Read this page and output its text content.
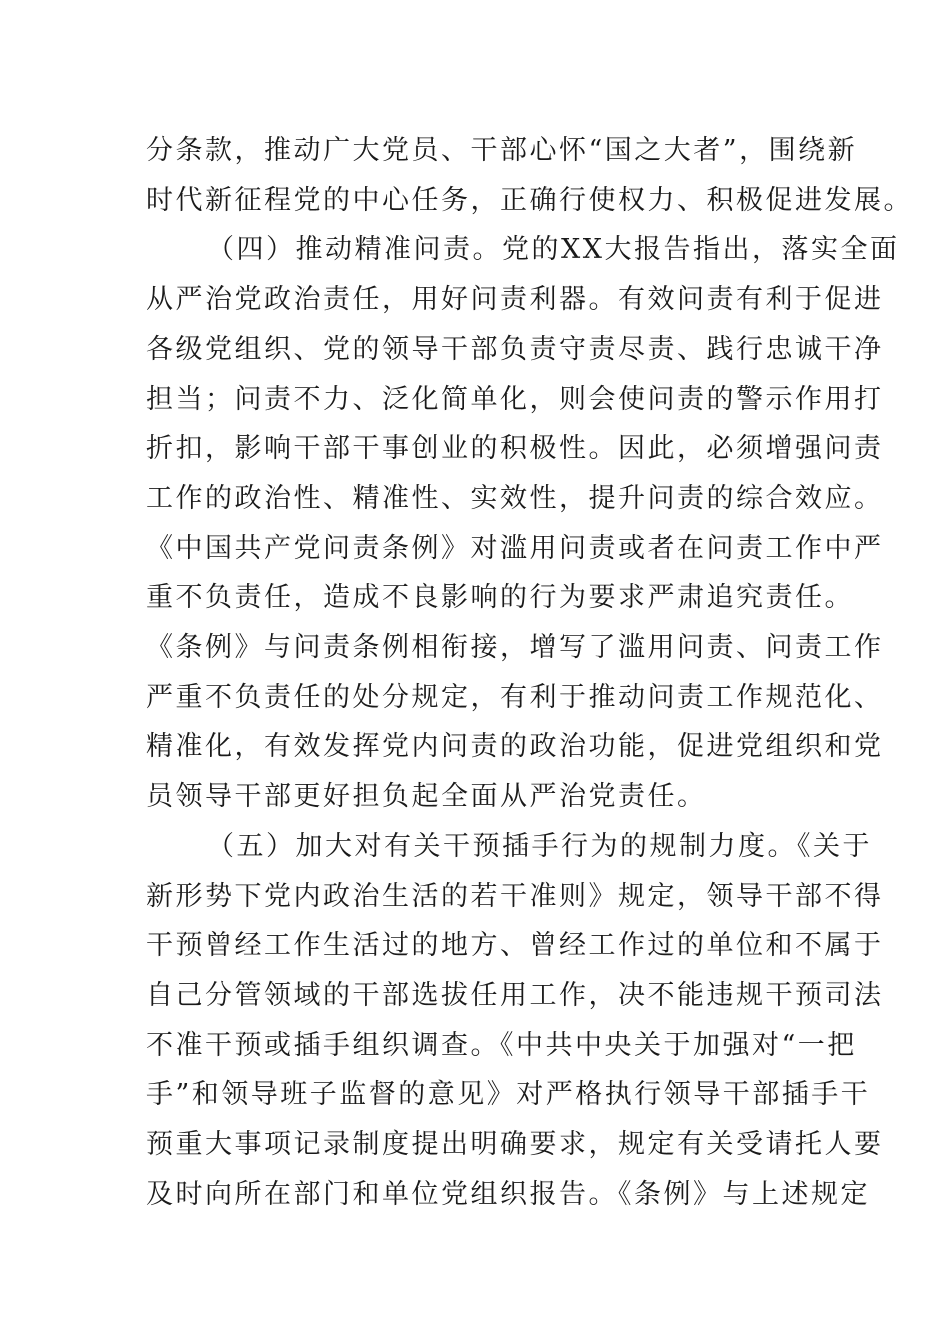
分条款，推动广大党员、干部心怀“国之大者”，围绕新
时代新征程党的中心任务，正确行使权力、积极促进发展。
（四）推动精准问责。党的XX大报告指出，落实全面
从严治党政治责任，用好问责利器。有效问责有利于促进
各级党组织、党的领导干部负责守责尽责、践行忠诚干净
担当；问责不力、泛化简单化，则会使问责的警示作用打
折扣，影响干部干事创业的积极性。因此，必须增强问责
工作的政治性、精准性、实效性，提升问责的综合效应。
《中国共产党问责条例》对滥用问责或者在问责工作中严
重不负责任，造成不良影响的行为要求严肃追究责任。
《条例》与问责条例相衔接，增写了滥用问责、问责工作
严重不负责任的处分规定，有利于推动问责工作规范化、
精准化，有效发挥党内问责的政治功能，促进党组织和党
员领导干部更好担负起全面从严治党责任。
（五）加大对有关干预插手行为的规制力度。《关于
新形势下党内政治生活的若干准则》规定，领导干部不得
干预曾经工作生活过的地方、曾经工作过的单位和不属于
自己分管领域的干部选拔任用工作，决不能违规干预司法
不准干预或插手组织调查。《中共中央关于加强对“一把
手”和领导班子监督的意见》对严格执行领导干部插手干
预重大事项记录制度提出明确要求，规定有关受请托人要
及时向所在部门和单位党组织报告。《条例》与上述规定
